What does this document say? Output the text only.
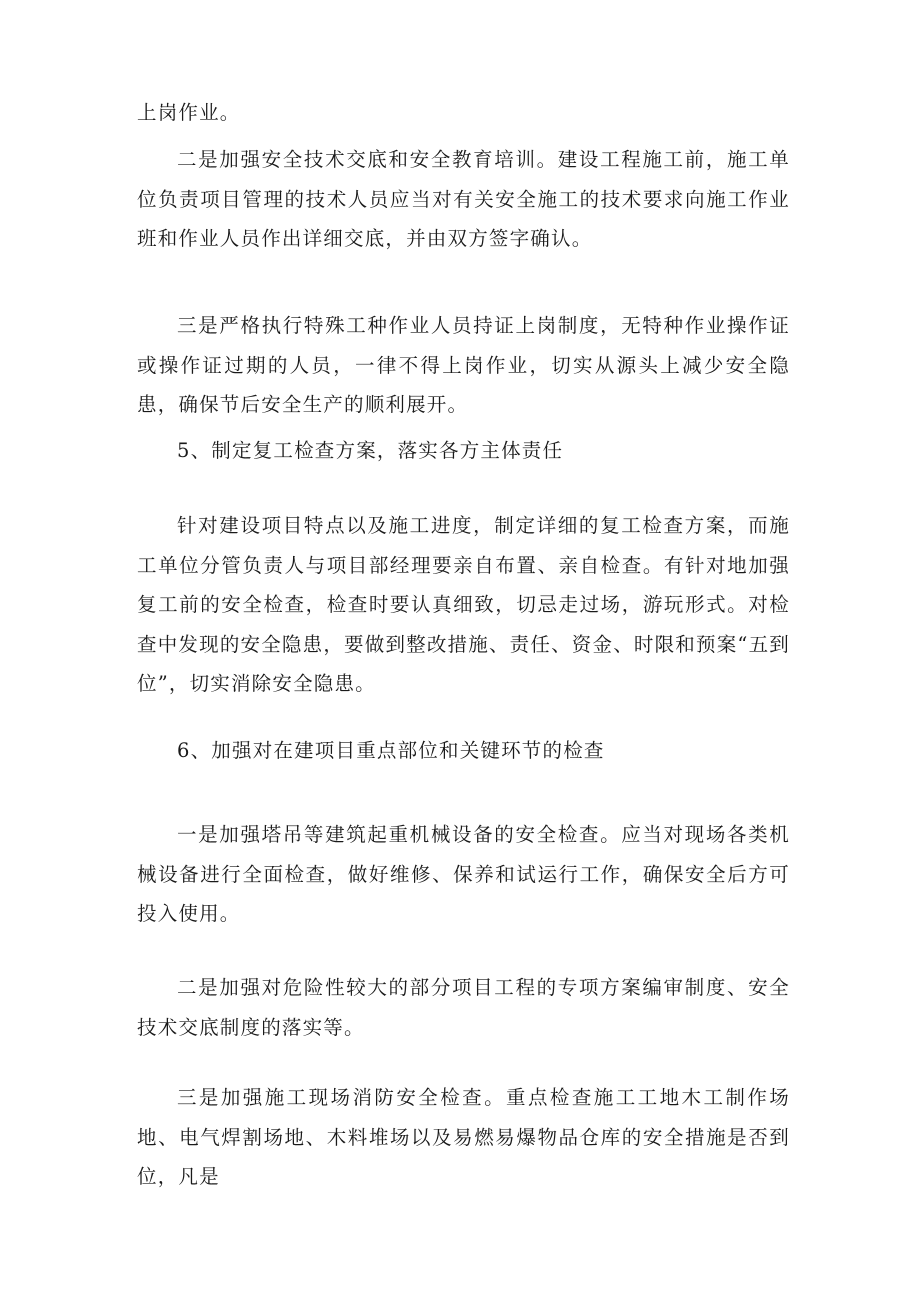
上岗作业。

二是加强安全技术交底和安全教育培训。建设工程施工前，施工单位负责项目管理的技术人员应当对有关安全施工的技术要求向施工作业班和作业人员作出详细交底，并由双方签字确认。

三是严格执行特殊工种作业人员持证上岗制度，无特种作业操作证或操作证过期的人员，一律不得上岗作业，切实从源头上减少安全隐患，确保节后安全生产的顺利展开。

5、制定复工检查方案，落实各方主体责任

针对建设项目特点以及施工进度，制定详细的复工检查方案，而施工单位分管负责人与项目部经理要亲自布置、亲自检查。有针对地加强复工前的安全检查，检查时要认真细致，切忌走过场，游玩形式。对检查中发现的安全隐患，要做到整改措施、责任、资金、时限和预案“五到位”，切实消除安全隐患。

6、加强对在建项目重点部位和关键环节的检查

一是加强塔吊等建筑起重机械设备的安全检查。应当对现场各类机械设备进行全面检查，做好维修、保养和试运行工作，确保安全后方可投入使用。

二是加强对危险性较大的部分项目工程的专项方案编审制度、安全技术交底制度的落实等。

三是加强施工现场消防安全检查。重点检查施工工地木工制作场地、电气焊割场地、木料堆场以及易燃易爆物品仓库的安全措施是否到位，凡是
